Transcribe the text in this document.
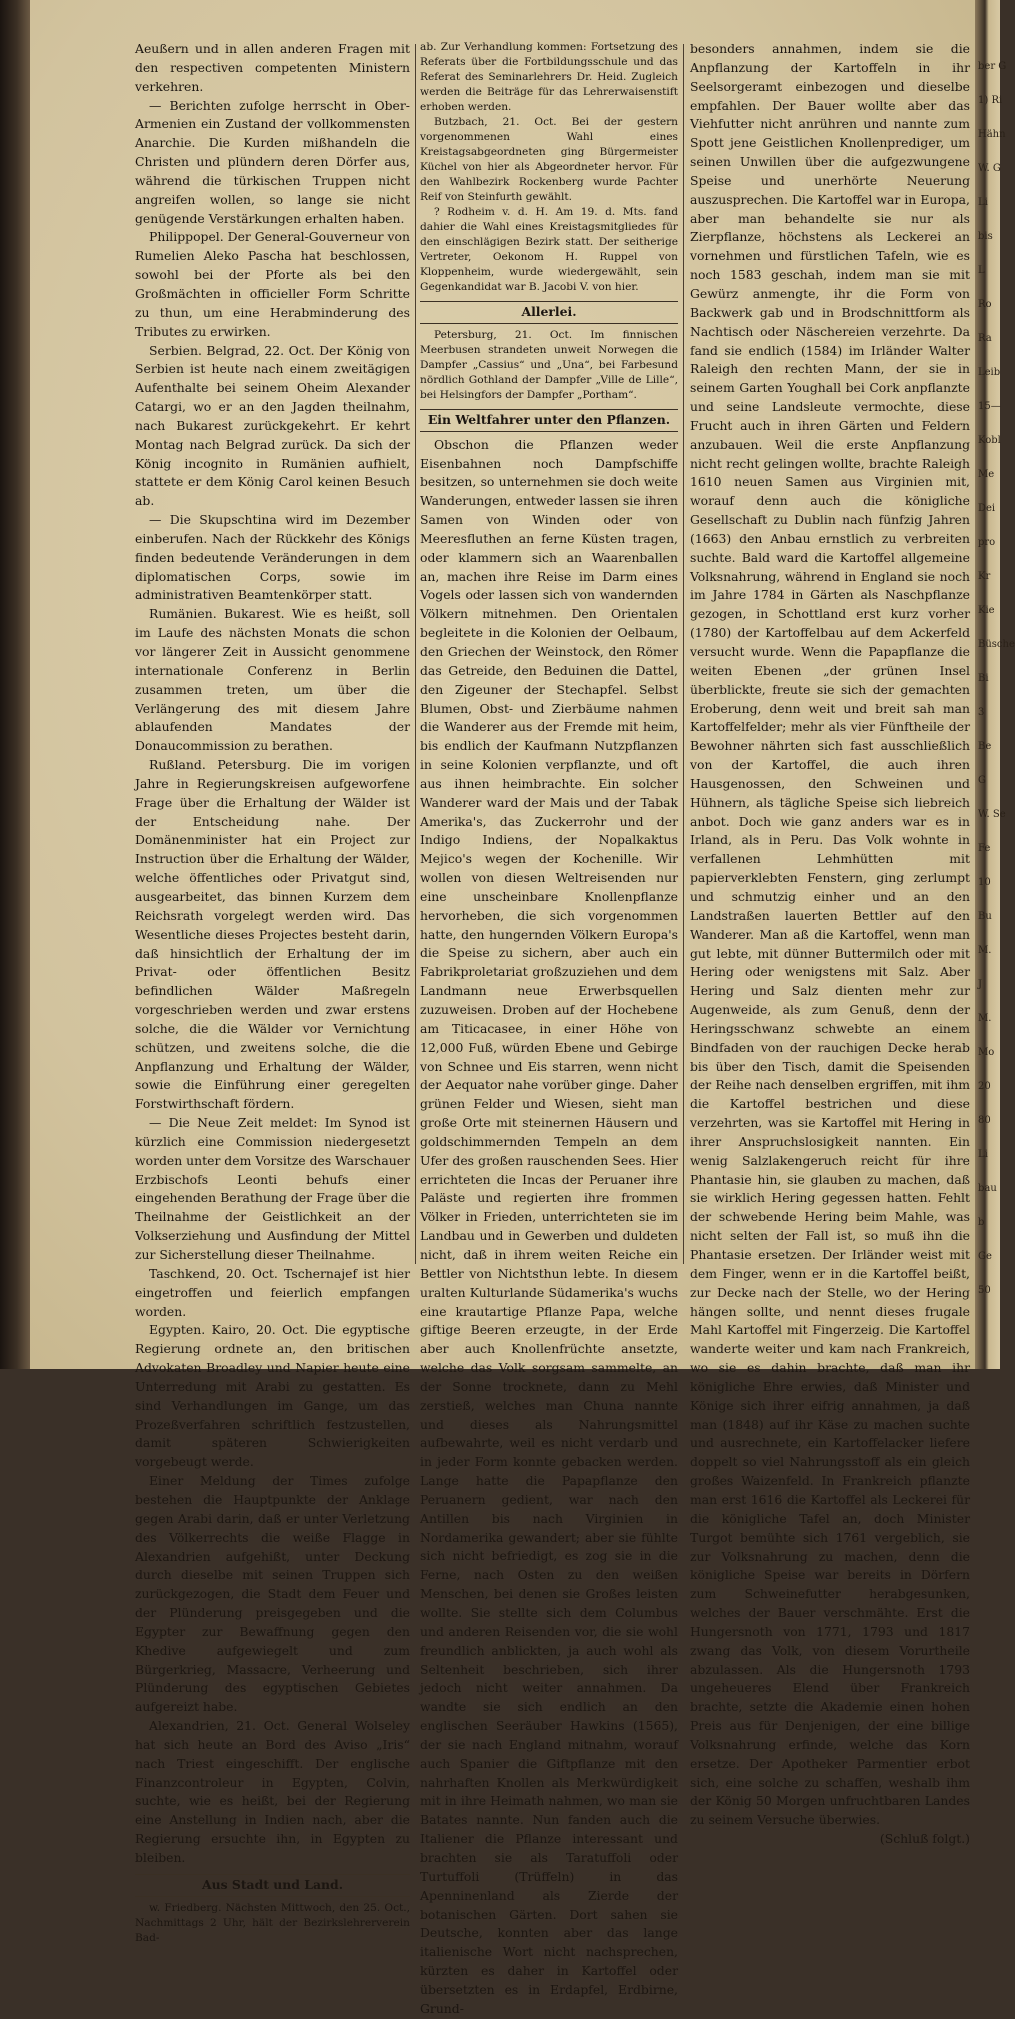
ber G
1) Ri
Hähn
W. G
Li
bis
L
Ro
Ra
Leib
15—
Kobl
Me
Dei
pro
Kr
Kie
Büsche
Bi
3
Be
G
W. Se
Fe
10
Bu
M.
J
M.
Mo
20
80
Li
bau
b
Ge
50

Aeußern und in allen anderen Fragen mit den respectiven competenten Ministern verkehren.

— Berichten zufolge herrscht in Ober-Armenien ein Zustand der vollkommensten Anarchie. Die Kurden mißhandeln die Christen und plündern deren Dörfer aus, während die türkischen Truppen nicht angreifen wollen, so lange sie nicht genügende Verstärkungen erhalten haben.

Philippopel. Der General-Gouverneur von Rumelien Aleko Pascha hat beschlossen, sowohl bei der Pforte als bei den Großmächten in officieller Form Schritte zu thun, um eine Herabminderung des Tributes zu erwirken.

Serbien. Belgrad, 22. Oct. Der König von Serbien ist heute nach einem zweitägigen Aufenthalte bei seinem Oheim Alexander Catargi, wo er an den Jagden theilnahm, nach Bukarest zurückgekehrt. Er kehrt Montag nach Belgrad zurück. Da sich der König incognito in Rumänien aufhielt, stattete er dem König Carol keinen Besuch ab.

— Die Skupschtina wird im Dezember einberufen. Nach der Rückkehr des Königs finden bedeutende Veränderungen in dem diplomatischen Corps, sowie im administrativen Beamtenkörper statt.

Rumänien. Bukarest. Wie es heißt, soll im Laufe des nächsten Monats die schon vor längerer Zeit in Aussicht genommene internationale Conferenz in Berlin zusammen treten, um über die Verlängerung des mit diesem Jahre ablaufenden Mandates der Donaucommission zu berathen.

Rußland. Petersburg. Die im vorigen Jahre in Regierungskreisen aufgeworfene Frage über die Erhaltung der Wälder ist der Entscheidung nahe. Der Domänenminister hat ein Project zur Instruction über die Erhaltung der Wälder, welche öffentliches oder Privatgut sind, ausgearbeitet, das binnen Kurzem dem Reichsrath vorgelegt werden wird. Das Wesentliche dieses Projectes besteht darin, daß hinsichtlich der Erhaltung der im Privat- oder öffentlichen Besitz befindlichen Wälder Maßregeln vorgeschrieben werden und zwar erstens solche, die die Wälder vor Vernichtung schützen, und zweitens solche, die die Anpflanzung und Erhaltung der Wälder, sowie die Einführung einer geregelten Forstwirthschaft fördern.

— Die Neue Zeit meldet: Im Synod ist kürzlich eine Commission niedergesetzt worden unter dem Vorsitze des Warschauer Erzbischofs Leonti behufs einer eingehenden Berathung der Frage über die Theilnahme der Geistlichkeit an der Volkserziehung und Ausfindung der Mittel zur Sicherstellung dieser Theilnahme.

Taschkend, 20. Oct. Tschernajef ist hier eingetroffen und feierlich empfangen worden.

Egypten. Kairo, 20. Oct. Die egyptische Regierung ordnete an, den britischen Advokaten Broadley und Napier heute eine Unterredung mit Arabi zu gestatten. Es sind Verhandlungen im Gange, um das Prozeßverfahren schriftlich festzustellen, damit späteren Schwierigkeiten vorgebeugt werde.

Einer Meldung der Times zufolge bestehen die Hauptpunkte der Anklage gegen Arabi darin, daß er unter Verletzung des Völkerrechts die weiße Flagge in Alexandrien aufgehißt, unter Deckung durch dieselbe mit seinen Truppen sich zurückgezogen, die Stadt dem Feuer und der Plünderung preisgegeben und die Egypter zur Bewaffnung gegen den Khedive aufgewiegelt und zum Bürgerkrieg, Massacre, Verheerung und Plünderung des egyptischen Gebietes aufgereizt habe.

Alexandrien, 21. Oct. General Wolseley hat sich heute an Bord des Aviso „Iris“ nach Triest eingeschifft. Der englische Finanzcontroleur in Egypten, Colvin, suchte, wie es heißt, bei der Regierung eine Anstellung in Indien nach, aber die Regierung ersuchte ihn, in Egypten zu bleiben.

Aus Stadt und Land.

w. Friedberg. Nächsten Mittwoch, den 25. Oct., Nachmittags 2 Uhr, hält der Bezirkslehrerverein Bad-

ab. Zur Verhandlung kommen: Fortsetzung des Referats über die Fortbildungsschule und das Referat des Seminarlehrers Dr. Heid. Zugleich werden die Beiträge für das Lehrerwaisenstift erhoben werden.

Butzbach, 21. Oct. Bei der gestern vorgenommenen Wahl eines Kreistagsabgeordneten ging Bürgermeister Küchel von hier als Abgeordneter hervor. Für den Wahlbezirk Rockenberg wurde Pachter Reif von Steinfurth gewählt.

? Rodheim v. d. H. Am 19. d. Mts. fand dahier die Wahl eines Kreistagsmitgliedes für den einschlägigen Bezirk statt. Der seitherige Vertreter, Oekonom H. Ruppel von Kloppenheim, wurde wiedergewählt, sein Gegenkandidat war B. Jacobi V. von hier.

Allerlei.

Petersburg, 21. Oct. Im finnischen Meerbusen strandeten unweit Norwegen die Dampfer „Cassius“ und „Una“, bei Farbesund nördlich Gothland der Dampfer „Ville de Lille“, bei Helsingfors der Dampfer „Portham“.

Ein Weltfahrer unter den Pflanzen.

Obschon die Pflanzen weder Eisenbahnen noch Dampfschiffe besitzen, so unternehmen sie doch weite Wanderungen, entweder lassen sie ihren Samen von Winden oder von Meeresfluthen an ferne Küsten tragen, oder klammern sich an Waarenballen an, machen ihre Reise im Darm eines Vogels oder lassen sich von wandernden Völkern mitnehmen. Den Orientalen begleitete in die Kolonien der Oelbaum, den Griechen der Weinstock, den Römer das Getreide, den Beduinen die Dattel, den Zigeuner der Stechapfel. Selbst Blumen, Obst- und Zierbäume nahmen die Wanderer aus der Fremde mit heim, bis endlich der Kaufmann Nutzpflanzen in seine Kolonien verpflanzte, und oft aus ihnen heimbrachte. Ein solcher Wanderer ward der Mais und der Tabak Amerika's, das Zuckerrohr und der Indigo Indiens, der Nopalkaktus Mejico's wegen der Kochenille. Wir wollen von diesen Weltreisenden nur eine unscheinbare Knollenpflanze hervorheben, die sich vorgenommen hatte, den hungernden Völkern Europa's die Speise zu sichern, aber auch ein Fabrikproletariat großzuziehen und dem Landmann neue Erwerbsquellen zuzuweisen. Droben auf der Hochebene am Titicacasee, in einer Höhe von 12,000 Fuß, würden Ebene und Gebirge von Schnee und Eis starren, wenn nicht der Aequator nahe vorüber ginge. Daher grünen Felder und Wiesen, sieht man große Orte mit steinernen Häusern und goldschimmernden Tempeln an dem Ufer des großen rauschenden Sees. Hier errichteten die Incas der Peruaner ihre Paläste und regierten ihre frommen Völker in Frieden, unterrichteten sie im Landbau und in Gewerben und duldeten nicht, daß in ihrem weiten Reiche ein Bettler von Nichtsthun lebte. In diesem uralten Kulturlande Südamerika's wuchs eine krautartige Pflanze Papa, welche giftige Beeren erzeugte, in der Erde aber auch Knollenfrüchte ansetzte, welche das Volk sorgsam sammelte, an der Sonne trocknete, dann zu Mehl zerstieß, welches man Chuna nannte und dieses als Nahrungsmittel aufbewahrte, weil es nicht verdarb und in jeder Form konnte gebacken werden. Lange hatte die Papapflanze den Peruanern gedient, war nach den Antillen bis nach Virginien in Nordamerika gewandert; aber sie fühlte sich nicht befriedigt, es zog sie in die Ferne, nach Osten zu den weißen Menschen, bei denen sie Großes leisten wollte. Sie stellte sich dem Columbus und anderen Reisenden vor, die sie wohl freundlich anblickten, ja auch wohl als Seltenheit beschrieben, sich ihrer jedoch nicht weiter annahmen. Da wandte sie sich endlich an den englischen Seeräuber Hawkins (1565), der sie nach England mitnahm, worauf auch Spanier die Giftpflanze mit den nahrhaften Knollen als Merkwürdigkeit mit in ihre Heimath nahmen, wo man sie Batates nannte. Nun fanden auch die Italiener die Pflanze interessant und brachten sie als Taratuffoli oder Turtuffoli (Trüffeln) in das Apenninenland als Zierde der botanischen Gärten. Dort sahen sie Deutsche, konnten aber das lange italienische Wort nicht nachsprechen, kürzten es daher in Kartoffel oder übersetzten es in Erdapfel, Erdbirne, Grund-

besonders annahmen, indem sie die Anpflanzung der Kartoffeln in ihr Seelsorgeramt einbezogen und dieselbe empfahlen. Der Bauer wollte aber das Viehfutter nicht anrühren und nannte zum Spott jene Geistlichen Knollenprediger, um seinen Unwillen über die aufgezwungene Speise und unerhörte Neuerung auszusprechen. Die Kartoffel war in Europa, aber man behandelte sie nur als Zierpflanze, höchstens als Leckerei an vornehmen und fürstlichen Tafeln, wie es noch 1583 geschah, indem man sie mit Gewürz anmengte, ihr die Form von Backwerk gab und in Brodschnittform als Nachtisch oder Näschereien verzehrte. Da fand sie endlich (1584) im Irländer Walter Raleigh den rechten Mann, der sie in seinem Garten Youghall bei Cork anpflanzte und seine Landsleute vermochte, diese Frucht auch in ihren Gärten und Feldern anzubauen. Weil die erste Anpflanzung nicht recht gelingen wollte, brachte Raleigh 1610 neuen Samen aus Virginien mit, worauf denn auch die königliche Gesellschaft zu Dublin nach fünfzig Jahren (1663) den Anbau ernstlich zu verbreiten suchte. Bald ward die Kartoffel allgemeine Volksnahrung, während in England sie noch im Jahre 1784 in Gärten als Naschpflanze gezogen, in Schottland erst kurz vorher (1780) der Kartoffelbau auf dem Ackerfeld versucht wurde. Wenn die Papapflanze die weiten Ebenen „der grünen Insel überblickte, freute sie sich der gemachten Eroberung, denn weit und breit sah man Kartoffelfelder; mehr als vier Fünftheile der Bewohner nährten sich fast ausschließlich von der Kartoffel, die auch ihren Hausgenossen, den Schweinen und Hühnern, als tägliche Speise sich liebreich anbot. Doch wie ganz anders war es in Irland, als in Peru. Das Volk wohnte in verfallenen Lehmhütten mit papierverklebten Fenstern, ging zerlumpt und schmutzig einher und an den Landstraßen lauerten Bettler auf den Wanderer. Man aß die Kartoffel, wenn man gut lebte, mit dünner Buttermilch oder mit Hering oder wenigstens mit Salz. Aber Hering und Salz dienten mehr zur Augenweide, als zum Genuß, denn der Heringsschwanz schwebte an einem Bindfaden von der rauchigen Decke herab bis über den Tisch, damit die Speisenden der Reihe nach denselben ergriffen, mit ihm die Kartoffel bestrichen und diese verzehrten, was sie Kartoffel mit Hering in ihrer Anspruchslosigkeit nannten. Ein wenig Salzlakengeruch reicht für ihre Phantasie hin, sie glauben zu machen, daß sie wirklich Hering gegessen hatten. Fehlt der schwebende Hering beim Mahle, was nicht selten der Fall ist, so muß ihn die Phantasie ersetzen. Der Irländer weist mit dem Finger, wenn er in die Kartoffel beißt, zur Decke nach der Stelle, wo der Hering hängen sollte, und nennt dieses frugale Mahl Kartoffel mit Fingerzeig. Die Kartoffel wanderte weiter und kam nach Frankreich, wo sie es dahin brachte, daß man ihr königliche Ehre erwies, daß Minister und Könige sich ihrer eifrig annahmen, ja daß man (1848) auf ihr Käse zu machen suchte und ausrechnete, ein Kartoffelacker liefere doppelt so viel Nahrungsstoff als ein gleich großes Waizenfeld. In Frankreich pflanzte man erst 1616 die Kartoffel als Leckerei für die königliche Tafel an, doch Minister Turgot bemühte sich 1761 vergeblich, sie zur Volksnahrung zu machen, denn die königliche Speise war bereits in Dörfern zum Schweinefutter herabgesunken, welches der Bauer verschmähte. Erst die Hungersnoth von 1771, 1793 und 1817 zwang das Volk, von diesem Vorurtheile abzulassen. Als die Hungersnoth 1793 ungeheueres Elend über Frankreich brachte, setzte die Akademie einen hohen Preis aus für Denjenigen, der eine billige Volksnahrung erfinde, welche das Korn ersetze. Der Apotheker Parmentier erbot sich, eine solche zu schaffen, weshalb ihm der König 50 Morgen unfruchtbaren Landes zu seinem Versuche überwies.

(Schluß folgt.)
